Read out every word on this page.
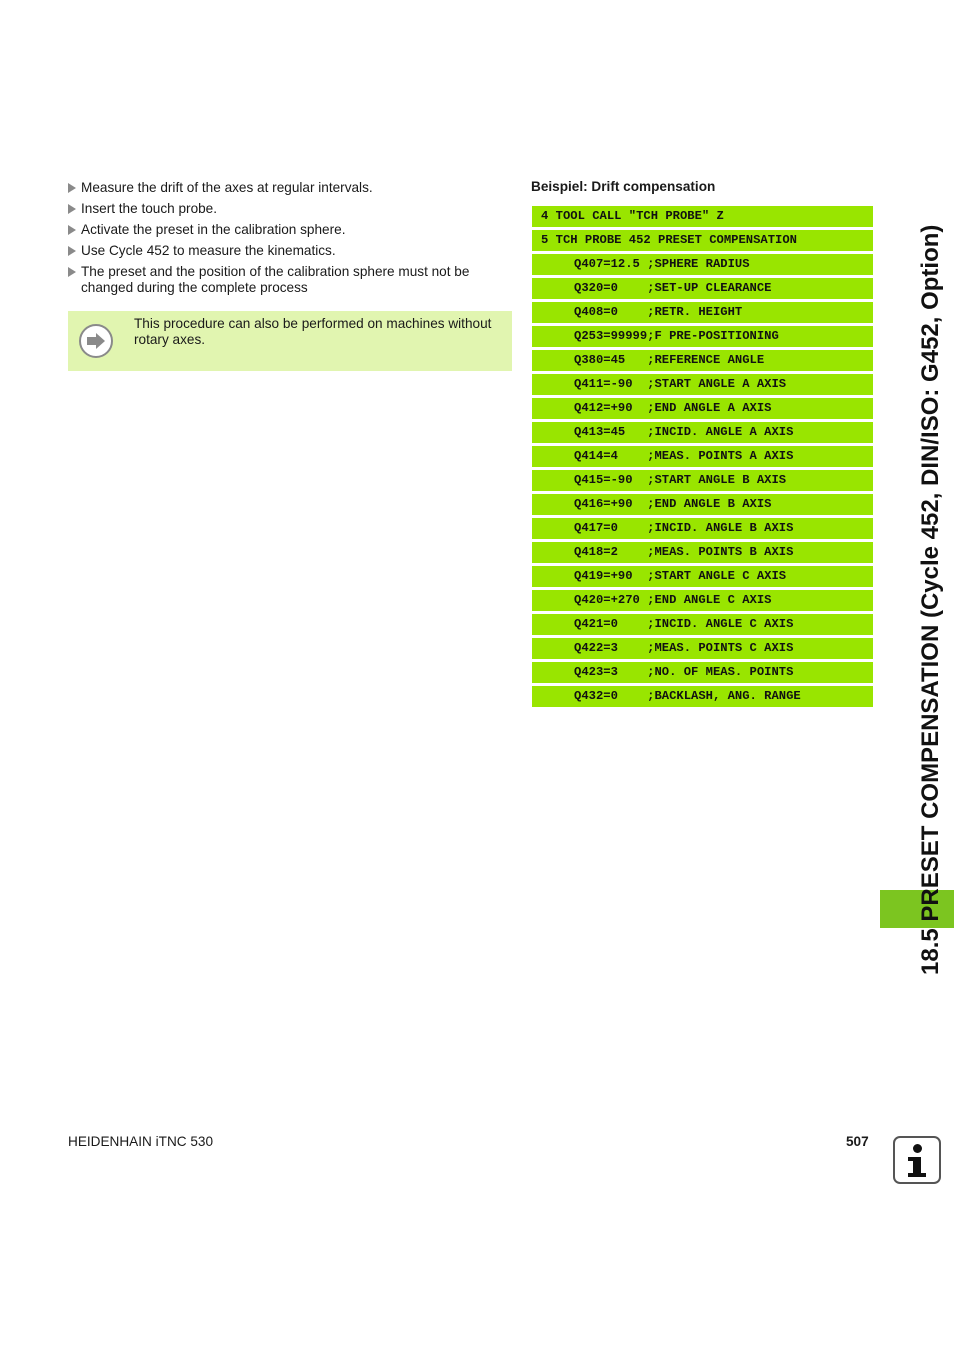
Measure the drift of the axes at regular intervals.
Insert the touch probe.
Activate the preset in the calibration sphere.
Use Cycle 452 to measure the kinematics.
The preset and the position of the calibration sphere must not be changed during the complete process
This procedure can also be performed on machines without rotary axes.
Beispiel: Drift compensation
4 TOOL CALL "TCH PROBE" Z
5 TCH PROBE 452 PRESET COMPENSATION
Q407=12.5 ;SPHERE RADIUS
Q320=0    ;SET-UP CLEARANCE
Q408=0    ;RETR. HEIGHT
Q253=99999;F PRE-POSITIONING
Q380=45   ;REFERENCE ANGLE
Q411=-90  ;START ANGLE A AXIS
Q412=+90  ;END ANGLE A AXIS
Q413=45   ;INCID. ANGLE A AXIS
Q414=4    ;MEAS. POINTS A AXIS
Q415=-90  ;START ANGLE B AXIS
Q416=+90  ;END ANGLE B AXIS
Q417=0    ;INCID. ANGLE B AXIS
Q418=2    ;MEAS. POINTS B AXIS
Q419=+90  ;START ANGLE C AXIS
Q420=+270 ;END ANGLE C AXIS
Q421=0    ;INCID. ANGLE C AXIS
Q422=3    ;MEAS. POINTS C AXIS
Q423=3    ;NO. OF MEAS. POINTS
Q432=0    ;BACKLASH, ANG. RANGE	18.5 PRESET COMPENSATION (Cycle 452, DIN/ISO: G452, Option)
HEIDENHAIN iTNC 530	507
